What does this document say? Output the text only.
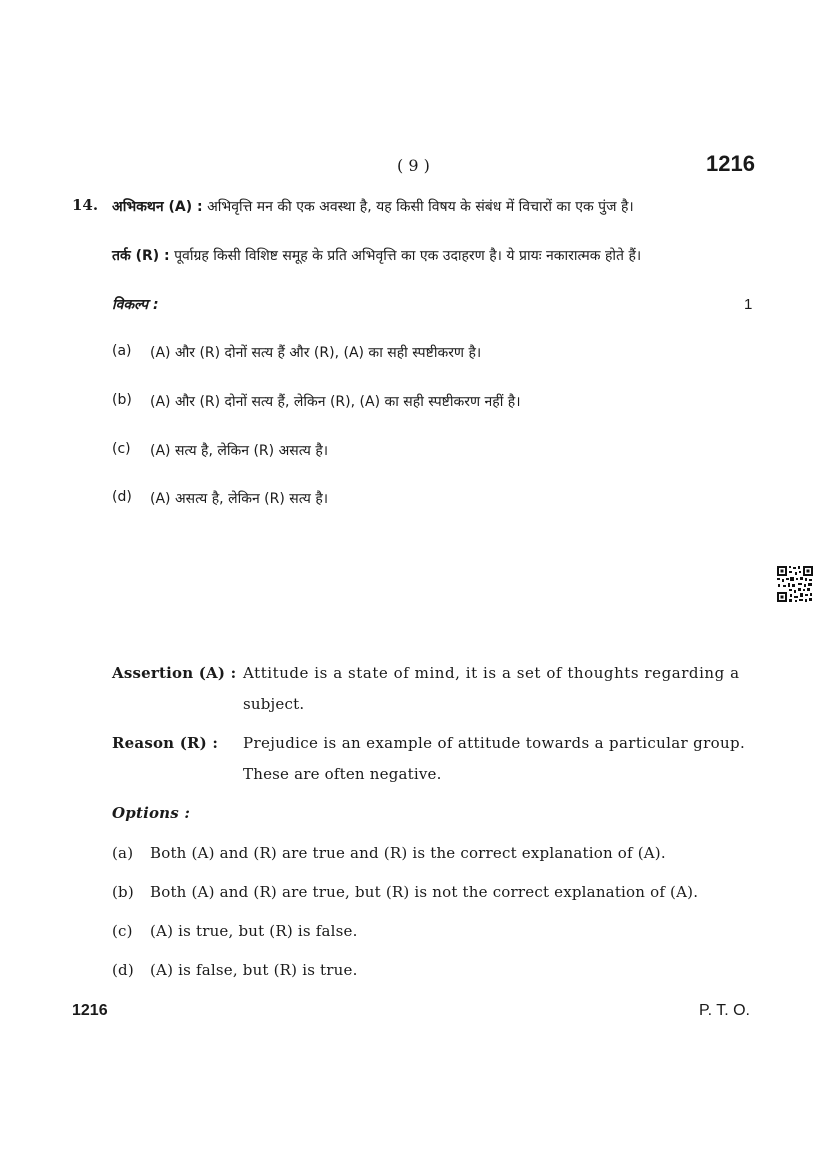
( 9 )	1216
14. अभिकथन (A) : अभिवृत्ति मन की एक अवस्था है, यह किसी विषय के संबंध में विचारों का एक पुंज है।
तर्क (R) : पूर्वाग्रह किसी विशिष्ट समूह के प्रति अभिवृत्ति का एक उदाहरण है। ये प्रायः नकारात्मक होते हैं।
विकल्प :	1
(a) (A) और (R) दोनों सत्य हैं और (R), (A) का सही स्पष्टीकरण है।
(b) (A) और (R) दोनों सत्य हैं, लेकिन (R), (A) का सही स्पष्टीकरण नहीं है।
(c) (A) सत्य है, लेकिन (R) असत्य है।
(d) (A) असत्य है, लेकिन (R) सत्य है।
Assertion (A) : Attitude is a state of mind, it is a set of thoughts regarding a
subject.
Reason (R) : Prejudice is an example of attitude towards a particular group.
These are often negative.
Options :
(a) Both (A) and (R) are true and (R) is the correct explanation of (A).
(b) Both (A) and (R) are true, but (R) is not the correct explanation of (A).
(c) (A) is true, but (R) is false.
(d) (A) is false, but (R) is true.
1216	P. T. O.
